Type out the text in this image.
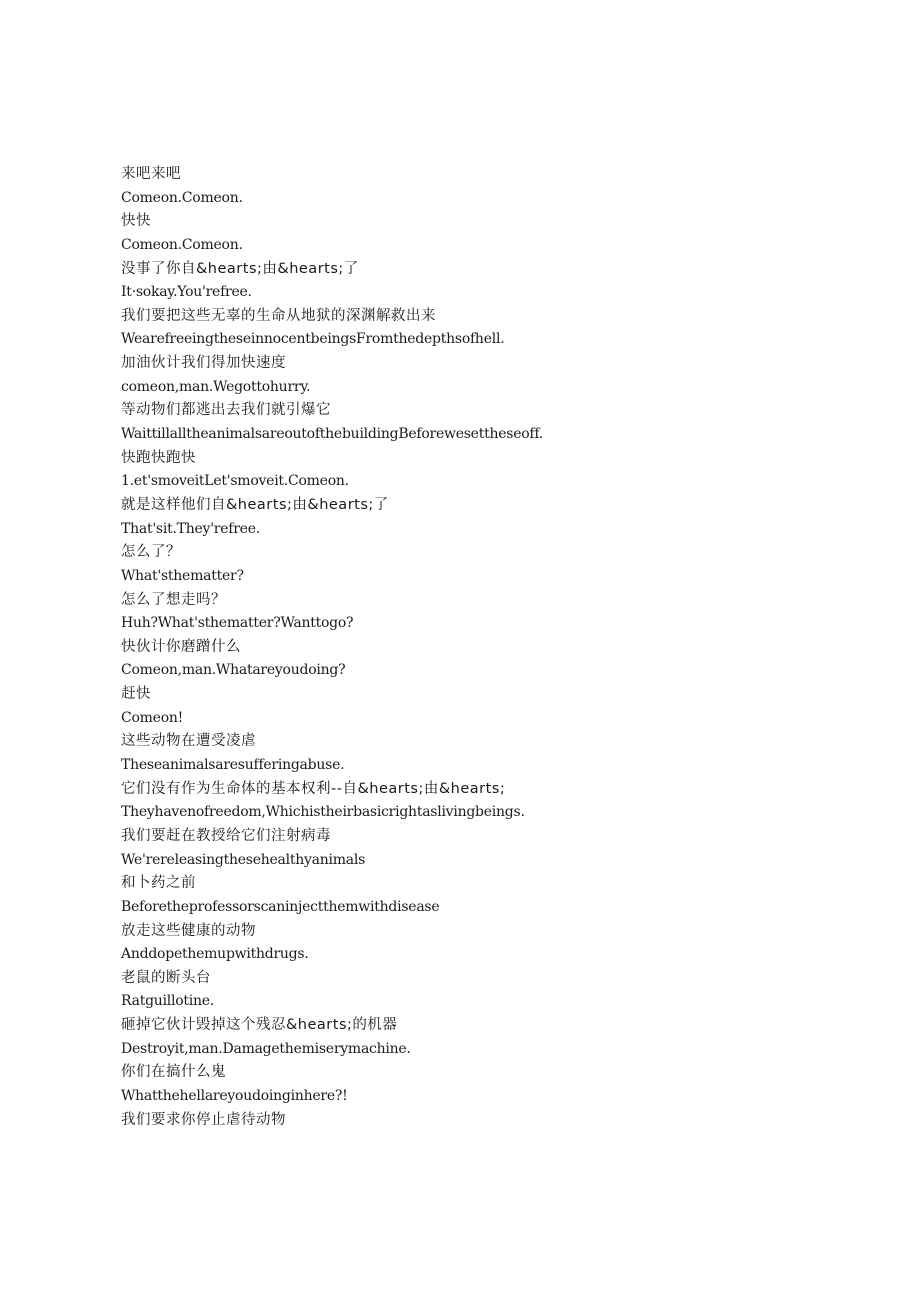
来吧来吧
Comeon.Comeon.
快快
Comeon.Comeon.
没事了你自&hearts;由&hearts;了
It·sokay.You'refree.
我们要把这些无辜的生命从地狱的深渊解救出来
WearefreeingtheseinnocentbeingsFromthedepthsofhell.
加油伙计我们得加快速度
comeon,man.Wegottohurry.
等动物们都逃出去我们就引爆它
WaittillalltheanimalsareoutofthebuildingBeforewesettheseoff.
快跑快跑快
1.et'smoveitLet'smoveit.Comeon.
就是这样他们自&hearts;由&hearts;了
That'sit.They'refree.
怎么了？
What'sthematter?
怎么了想走吗？
Huh?What'sthematter?Wanttogo?
快伙计你磨蹭什么
Comeon,man.Whatareyoudoing?
赶快
Comeon!
这些动物在遭受凌虐
Theseanimalsaresufferingabuse.
它们没有作为生命体的基本权利--自&hearts;由&hearts;
Theyhavenofreedom,Whichistheirbasicrightaslivingbeings.
我们要赶在教授给它们注射病毒
We'rereleasingthesehealthyanimals
和卜药之前
Beforetheprofessorscaninjectthemwithdisease
放走这些健康的动物
Anddopethemupwithdrugs.
老鼠的断头台
Ratguillotine.
砸掉它伙计毁掉这个残忍&hearts;的机器
Destroyit,man.Damagethemiserymachine.
你们在搞什么鬼
Whatthehellareyoudoinginhere?!
我们要求你停止虐待动物
